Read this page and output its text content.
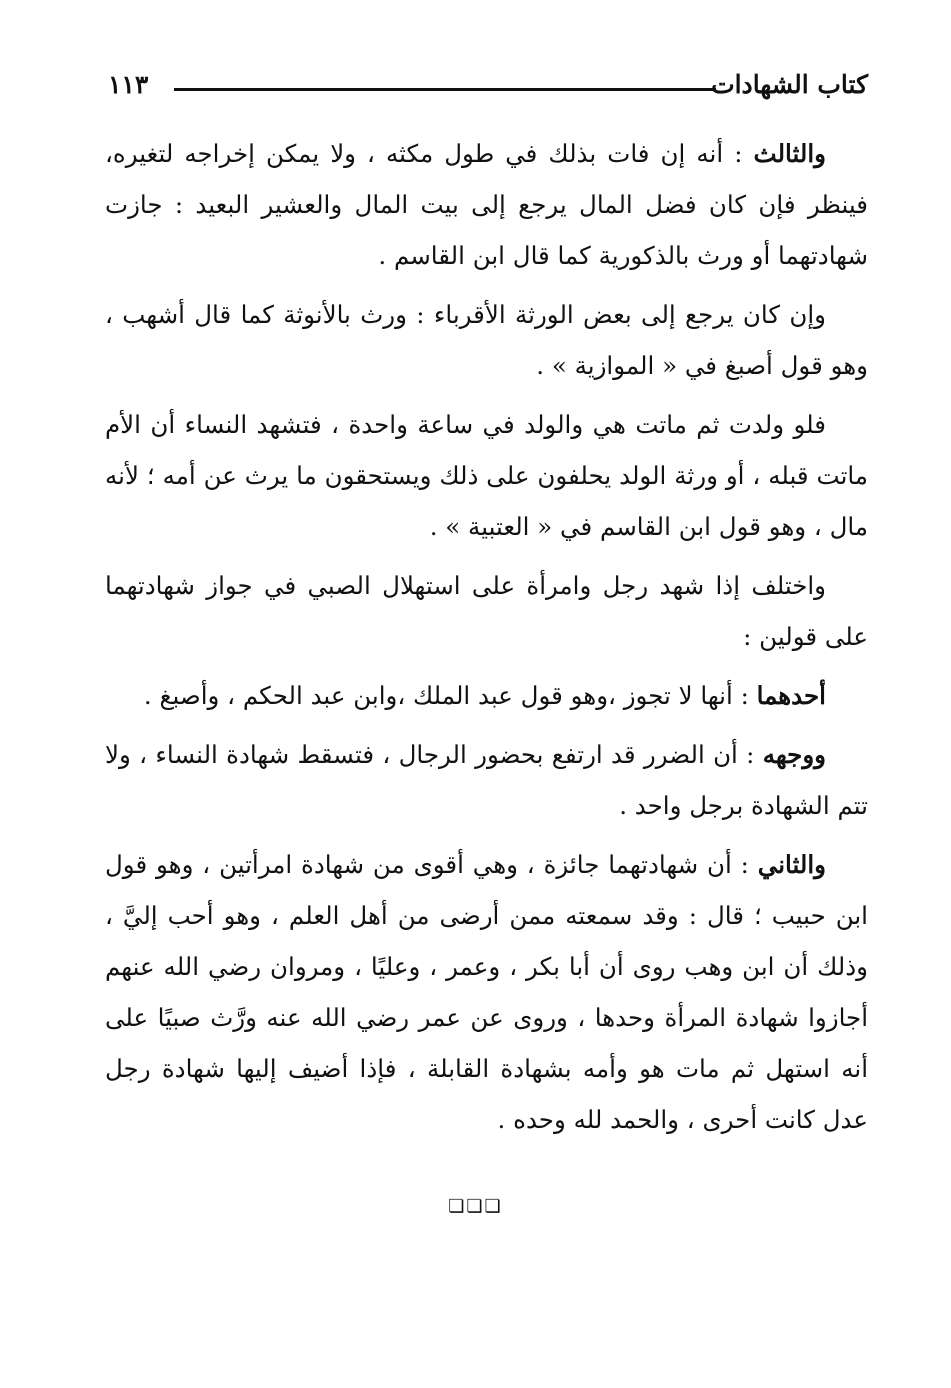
كتاب الشهادات
١١٣

والثالث : أنه إن فات بذلك في طول مكثه ، ولا يمكن إخراجه لتغيره، فينظر فإن كان فضل المال يرجع إلى بيت المال والعشير البعيد : جازت شهادتهما أو ورث بالذكورية كما قال ابن القاسم .

وإن كان يرجع إلى بعض الورثة الأقرباء : ورث بالأنوثة كما قال أشهب ، وهو قول أصبغ في « الموازية » .

فلو ولدت ثم ماتت هي والولد في ساعة واحدة ، فتشهد النساء أن الأم ماتت قبله ، أو ورثة الولد يحلفون على ذلك ويستحقون ما يرث عن أمه ؛ لأنه مال ، وهو قول ابن القاسم في « العتبية » .

واختلف إذا شهد رجل وامرأة على استهلال الصبي في جواز شهادتهما على قولين :

أحدهما : أنها لا تجوز ،وهو قول عبد الملك ،وابن عبد الحكم ، وأصبغ .

ووجهه : أن الضرر قد ارتفع بحضور الرجال ، فتسقط شهادة النساء ، ولا تتم الشهادة برجل واحد .

والثاني : أن شهادتهما جائزة ، وهي أقوى من شهادة امرأتين ، وهو قول ابن حبيب ؛ قال : وقد سمعته ممن أرضى من أهل العلم ، وهو أحب إليَّ ، وذلك أن ابن وهب روى أن أبا بكر ، وعمر ، وعليًا ، ومروان رضي الله عنهم أجازوا شهادة المرأة وحدها ، وروى عن عمر رضي الله عنه ورَّث صبيًا على أنه استهل ثم مات هو وأمه بشهادة القابلة ، فإذا أضيف إليها شهادة رجل عدل كانت أحرى ، والحمد لله وحده .

❏❏❏
